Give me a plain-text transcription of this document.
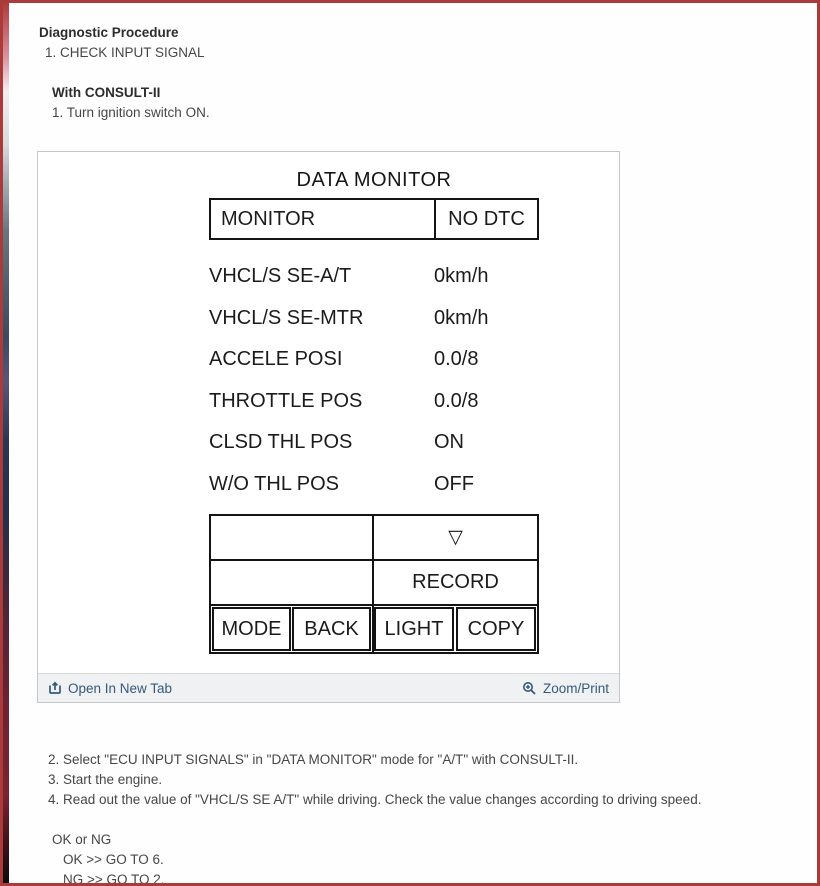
Diagnostic Procedure
1. CHECK INPUT SIGNAL
With CONSULT-II
1. Turn ignition switch ON.
DATA MONITOR
MONITOR	NO DTC
VHCL/S SE-A/T	0km/h
VHCL/S SE-MTR	0km/h
ACCELE POSI	0.0/8
THROTTLE POS	0.0/8
CLSD THL POS	ON
W/O THL POS	OFF
▽
RECORD
MODE	BACK	LIGHT	COPY
Open In New Tab	Zoom/Print
2. Select "ECU INPUT SIGNALS" in "DATA MONITOR" mode for "A/T" with CONSULT-II.
3. Start the engine.
4. Read out the value of "VHCL/S SE A/T" while driving. Check the value changes according to driving speed.
OK or NG
OK >> GO TO 6.
NG >> GO TO 2.
